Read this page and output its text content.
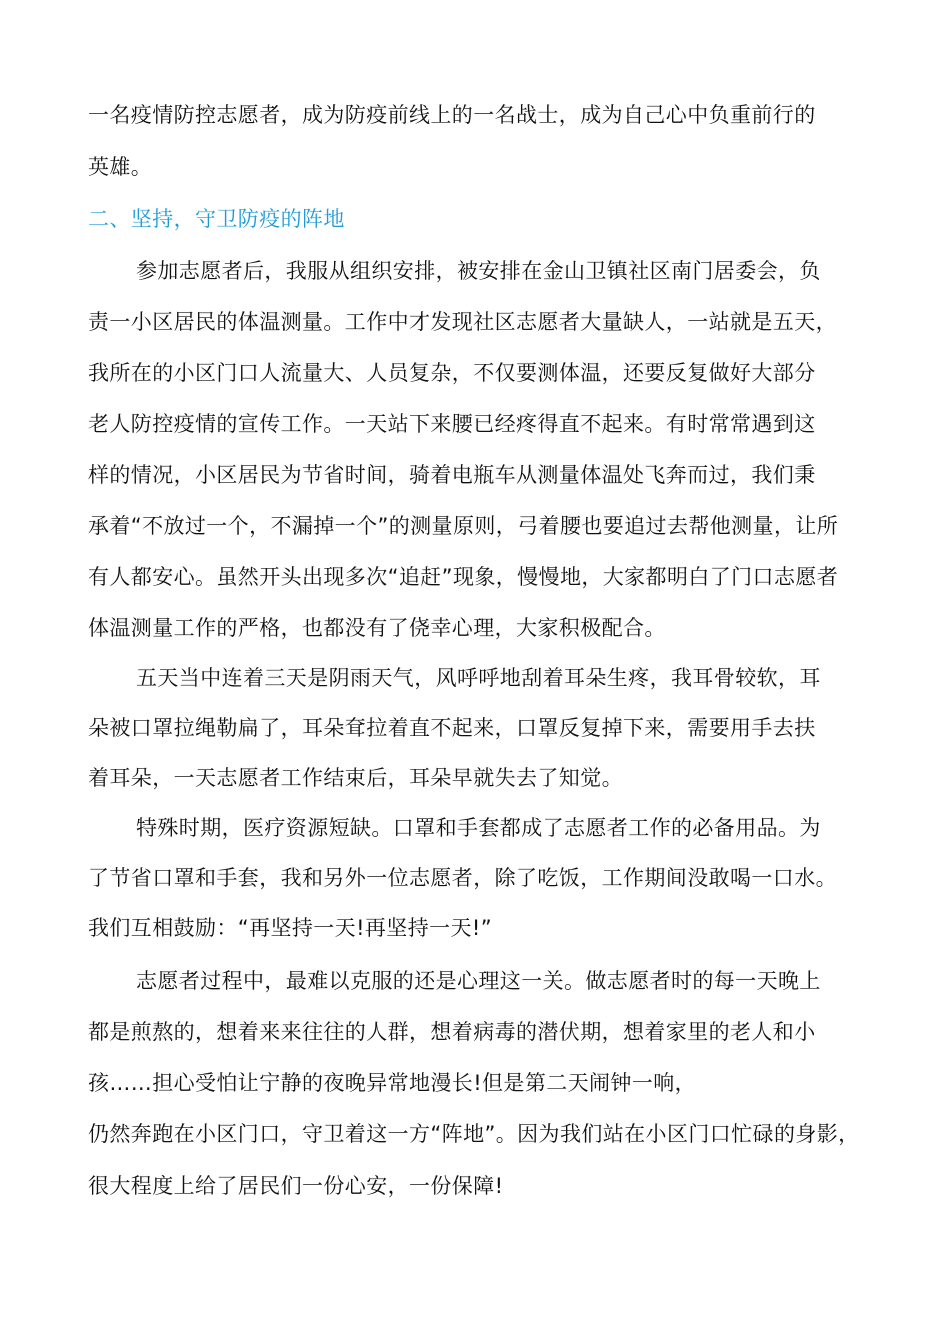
一名疫情防控志愿者，成为防疫前线上的一名战士，成为自己心中负重前行的
英雄。
二、坚持，守卫防疫的阵地
参加志愿者后，我服从组织安排，被安排在金山卫镇社区南门居委会，负
责一小区居民的体温测量。工作中才发现社区志愿者大量缺人，一站就是五天，
我所在的小区门口人流量大、人员复杂，不仅要测体温，还要反复做好大部分
老人防控疫情的宣传工作。一天站下来腰已经疼得直不起来。有时常常遇到这
样的情况，小区居民为节省时间，骑着电瓶车从测量体温处飞奔而过，我们秉
承着“不放过一个，不漏掉一个”的测量原则，弓着腰也要追过去帮他测量，让所
有人都安心。虽然开头出现多次“追赶”现象，慢慢地，大家都明白了门口志愿者
体温测量工作的严格，也都没有了侥幸心理，大家积极配合。
五天当中连着三天是阴雨天气，风呼呼地刮着耳朵生疼，我耳骨较软，耳
朵被口罩拉绳勒扁了，耳朵耷拉着直不起来，口罩反复掉下来，需要用手去扶
着耳朵，一天志愿者工作结束后，耳朵早就失去了知觉。
特殊时期，医疗资源短缺。口罩和手套都成了志愿者工作的必备用品。为
了节省口罩和手套，我和另外一位志愿者，除了吃饭，工作期间没敢喝一口水。
我们互相鼓励：“再坚持一天!再坚持一天!”
志愿者过程中，最难以克服的还是心理这一关。做志愿者时的每一天晚上
都是煎熬的，想着来来往往的人群，想着病毒的潜伏期，想着家里的老人和小
孩……担心受怕让宁静的夜晚异常地漫长!但是第二天闹钟一响，
仍然奔跑在小区门口，守卫着这一方“阵地”。因为我们站在小区门口忙碌的身影，
很大程度上给了居民们一份心安，一份保障!
